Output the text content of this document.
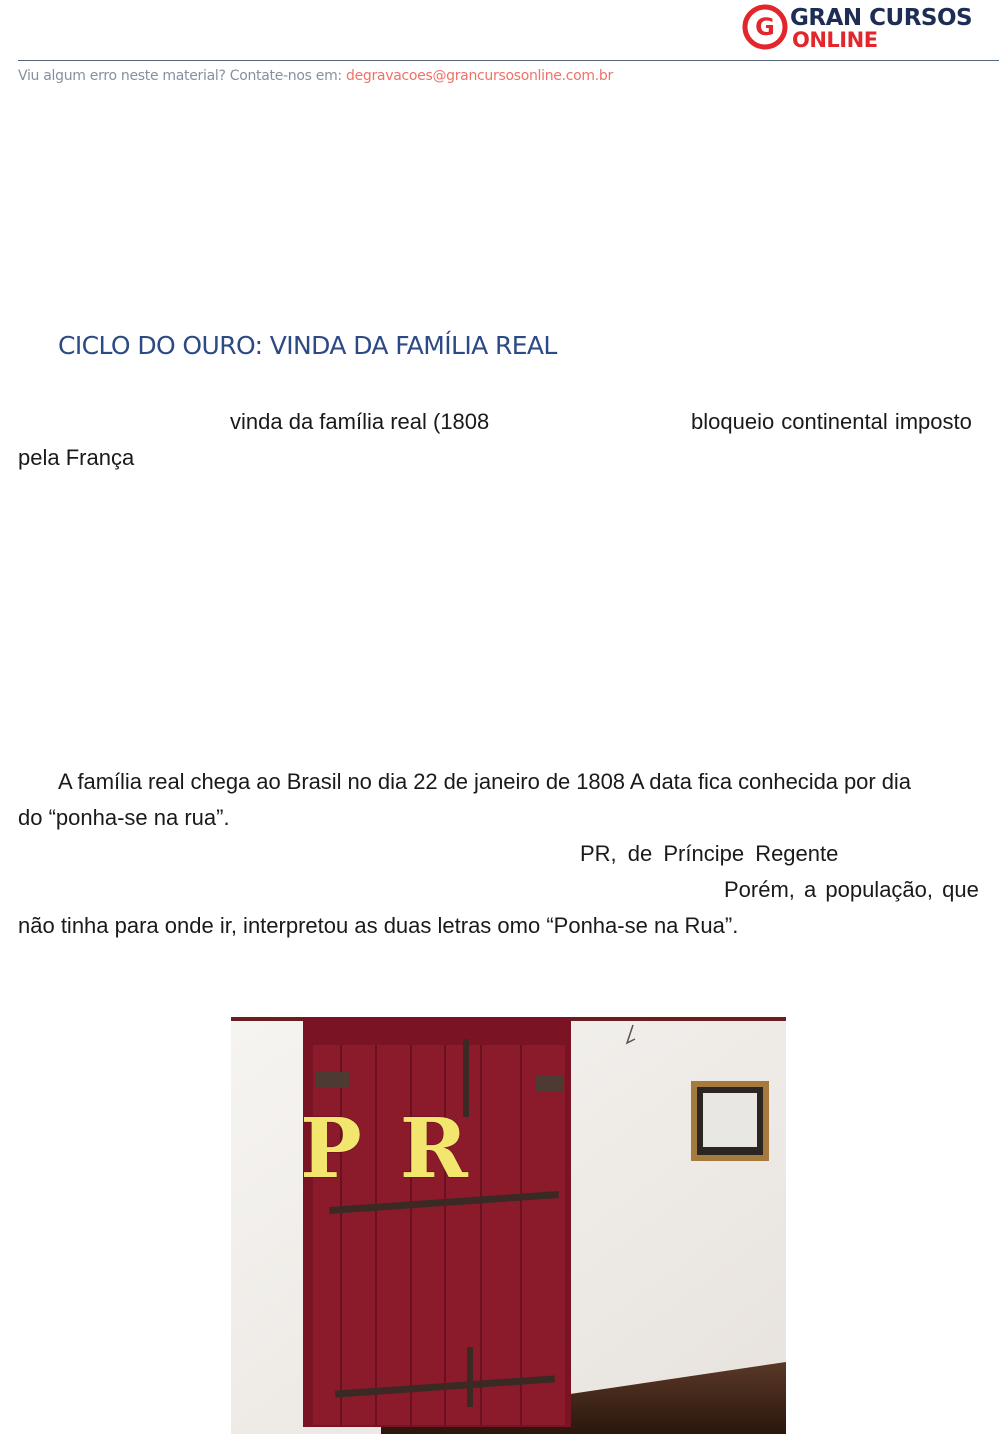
G GRAN CURSOS
ONLINE
Viu algum erro neste material? Contate-nos em: degravacoes@grancursosonline.com.br
CICLO DO OURO: VINDA DA FAMÍLIA REAL
vinda da família real (1808	bloqueio continental imposto
pela França
A família real chega ao Brasil no dia 22 de janeiro de 1808 A data fica conhecida por dia
do “ponha-se na rua”.
PR, de Príncipe Regente
Porém, a população, que
não tinha para onde ir, interpretou as duas letras omo “Ponha-se na Rua”.
PR
